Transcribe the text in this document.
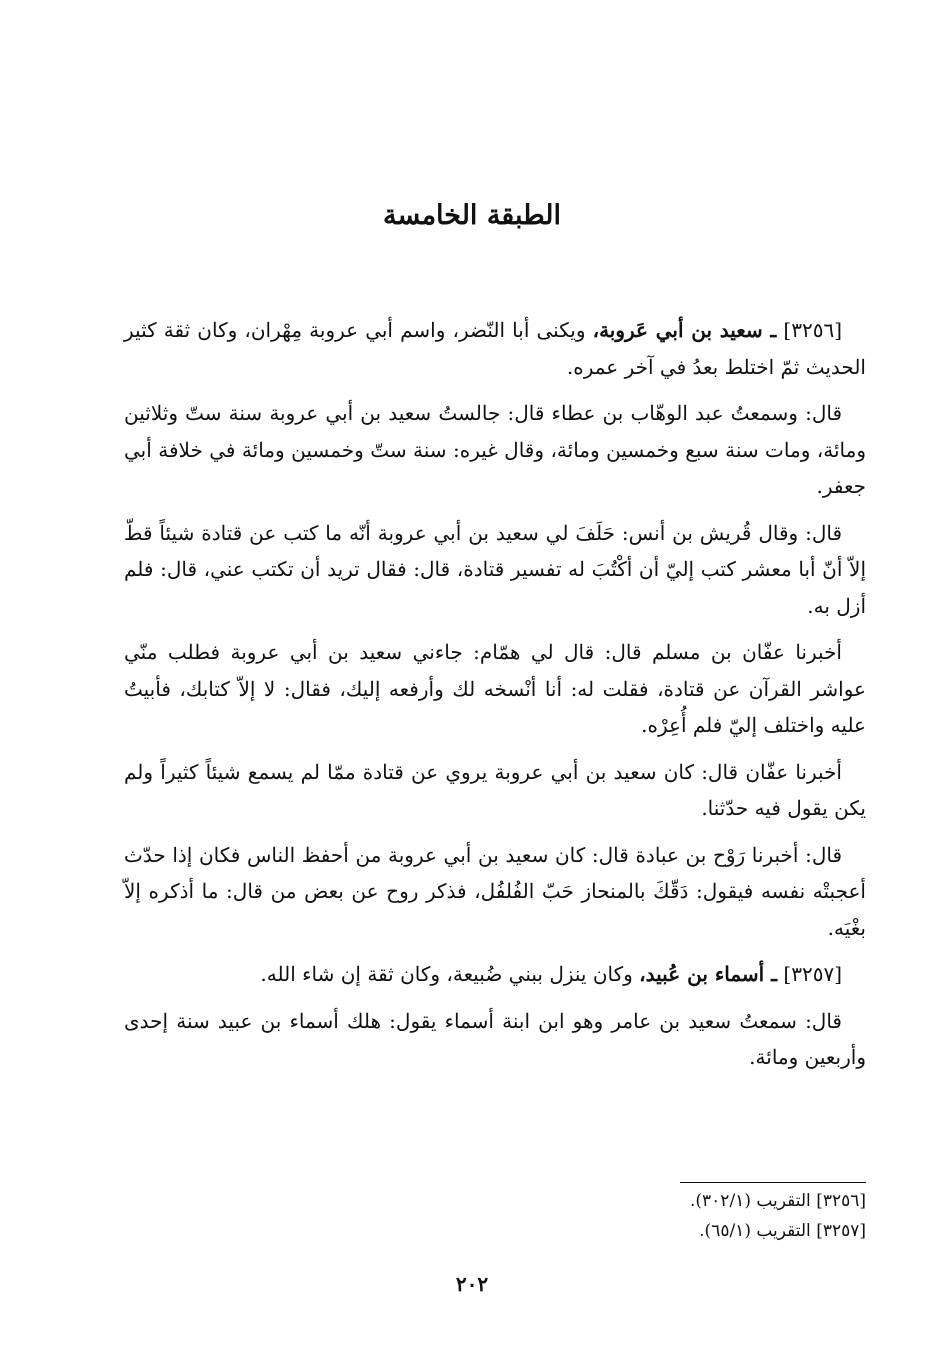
الطبقة الخامسة

[٣٢٥٦] ـ سعيد بن أبي عَروبة، ويكنى أبا النّضر، واسم أبي عروبة مِهْران، وكان ثقة كثير الحديث ثمّ اختلط بعدُ في آخر عمره.

قال: وسمعتُ عبد الوهّاب بن عطاء قال: جالستُ سعيد بن أبي عروبة سنة ستّ وثلاثين ومائة، ومات سنة سبع وخمسين ومائة، وقال غيره: سنة ستّ وخمسين ومائة في خلافة أبي جعفر.

قال: وقال قُريش بن أنس: حَلَفَ لي سعيد بن أبي عروبة أنّه ما كتب عن قتادة شيئاً قطّ إلاّ أنّ أبا معشر كتب إليّ أن أكْتُبَ له تفسير قتادة، قال: فقال تريد أن تكتب عني، قال: فلم أزل به.

أخبرنا عفّان بن مسلم قال: قال لي همّام: جاءني سعيد بن أبي عروبة فطلب منّي عواشر القرآن عن قتادة، فقلت له: أنا أنْسخه لك وأرفعه إليك، فقال: لا إلاّ كتابك، فأبيتُ عليه واختلف إليّ فلم أُعِرْه.

أخبرنا عفّان قال: كان سعيد بن أبي عروبة يروي عن قتادة ممّا لم يسمع شيئاً كثيراً ولم يكن يقول فيه حدّثنا.

قال: أخبرنا رَوْح بن عبادة قال: كان سعيد بن أبي عروبة من أحفظ الناس فكان إذا حدّث أعجبتْه نفسه فيقول: دَقّكَ بالمنحاز حَبّ الفُلفُل، فذكر روح عن بعض من قال: ما أذكره إلاّ بغْيَه.

[٣٢٥٧] ـ أسماء بن عُبيد، وكان ينزل ببني ضُبيعة، وكان ثقة إن شاء الله.

قال: سمعتُ سعيد بن عامر وهو ابن ابنة أسماء يقول: هلك أسماء بن عبيد سنة إحدى وأربعين ومائة.

[٣٢٥٦] التقريب (٣٠٢/١).

[٣٢٥٧] التقريب (٦٥/١).

٢٠٢
